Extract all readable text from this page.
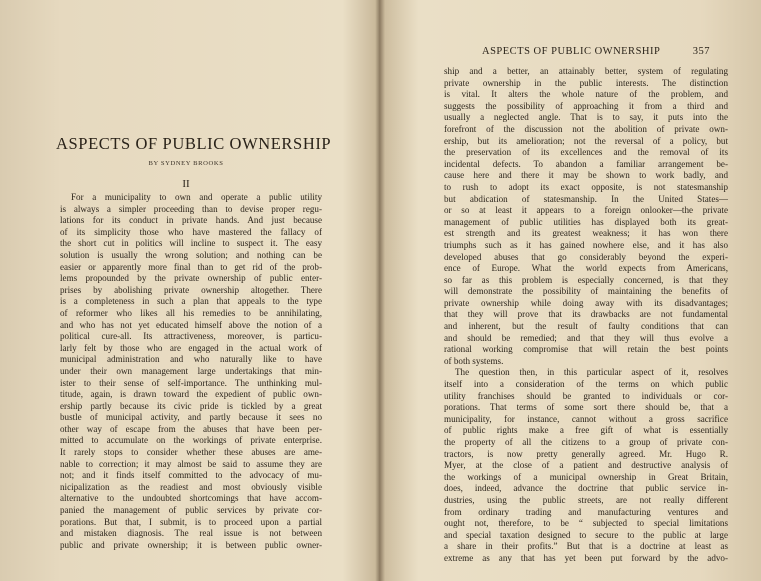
ASPECTS OF PUBLIC OWNERSHIP
BY SYDNEY BROOKS
II
For a municipality to own and operate a public utility
is always a simpler proceeding than to devise proper regu-
lations for its conduct in private hands. And just because
of its simplicity those who have mastered the fallacy of
the short cut in politics will incline to suspect it. The easy
solution is usually the wrong solution; and nothing can be
easier or apparently more final than to get rid of the prob-
lems propounded by the private ownership of public enter-
prises by abolishing private ownership altogether. There
is a completeness in such a plan that appeals to the type
of reformer who likes all his remedies to be annihilating,
and who has not yet educated himself above the notion of a
political cure-all. Its attractiveness, moreover, is particu-
larly felt by those who are engaged in the actual work of
municipal administration and who naturally like to have
under their own management large undertakings that min-
ister to their sense of self-importance. The unthinking mul-
titude, again, is drawn toward the expedient of public own-
ership partly because its civic pride is tickled by a great
bustle of municipal activity, and partly because it sees no
other way of escape from the abuses that have been per-
mitted to accumulate on the workings of private enterprise.
It rarely stops to consider whether these abuses are ame-
nable to correction; it may almost be said to assume they are
not; and it finds itself committed to the advocacy of mu-
nicipalization as the readiest and most obviously visible
alternative to the undoubted shortcomings that have accom-
panied the management of public services by private cor-
porations. But that, I submit, is to proceed upon a partial
and mistaken diagnosis. The real issue is not between
public and private ownership; it is between public owner-
ASPECTS OF PUBLIC OWNERSHIP	357
ship and a better, an attainably better, system of regulating
private ownership in the public interests. The distinction
is vital. It alters the whole nature of the problem, and
suggests the possibility of approaching it from a third and
usually a neglected angle. That is to say, it puts into the
forefront of the discussion not the abolition of private own-
ership, but its amelioration; not the reversal of a policy, but
the preservation of its excellences and the removal of its
incidental defects. To abandon a familiar arrangement be-
cause here and there it may be shown to work badly, and
to rush to adopt its exact opposite, is not statesmanship
but abdication of statesmanship. In the United States—
or so at least it appears to a foreign onlooker—the private
management of public utilities has displayed both its great-
est strength and its greatest weakness; it has won there
triumphs such as it has gained nowhere else, and it has also
developed abuses that go considerably beyond the experi-
ence of Europe. What the world expects from Americans,
so far as this problem is especially concerned, is that they
will demonstrate the possibility of maintaining the benefits of
private ownership while doing away with its disadvantages;
that they will prove that its drawbacks are not fundamental
and inherent, but the result of faulty conditions that can
and should be remedied; and that they will thus evolve a
rational working compromise that will retain the best points
of both systems.
The question then, in this particular aspect of it, resolves
itself into a consideration of the terms on which public
utility franchises should be granted to individuals or cor-
porations. That terms of some sort there should be, that a
municipality, for instance, cannot without a gross sacrifice
of public rights make a free gift of what is essentially
the property of all the citizens to a group of private con-
tractors, is now pretty generally agreed. Mr. Hugo R.
Myer, at the close of a patient and destructive analysis of
the workings of a municipal ownership in Great Britain,
does, indeed, advance the doctrine that public service in-
dustries, using the public streets, are not really different
from ordinary trading and manufacturing ventures and
ought not, therefore, to be “ subjected to special limitations
and special taxation designed to secure to the public at large
a share in their profits.” But that is a doctrine at least as
extreme as any that has yet been put forward by the advo-
